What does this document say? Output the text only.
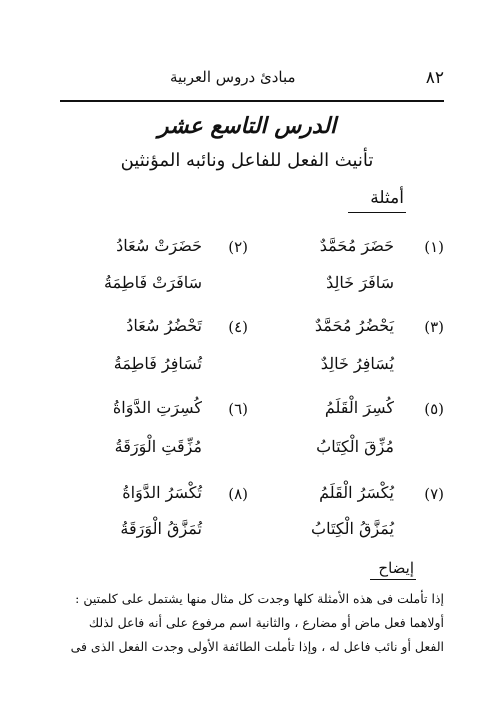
٨٢
مبادئ دروس العربية
الدرس التاسع عشر
تأنيث الفعل للفاعل ونائبه المؤنثين
أمثلة
(١)
حَضَرَ مُحَمَّدٌ
سَافَرَ خَالِدٌ
(٢)
حَضَرَتْ سُعَادُ
سَافَرَتْ فَاطِمَةُ
(٣)
يَحْضُرُ مُحَمَّدٌ
يُسَافِرُ خَالِدٌ
(٤)
تَحْضُرُ سُعَادُ
تُسَافِرُ فَاطِمَةُ
(٥)
كُسِرَ الْقَلَمُ
مُزِّقَ الْكِتَابُ
(٦)
كُسِرَتِ الدَّوَاةُ
مُزِّقَتِ الْوَرَقَةُ
(٧)
يُكْسَرُ الْقَلَمُ
يُمَزَّقُ الْكِتَابُ
(٨)
تُكْسَرُ الدَّوَاةُ
تُمَزَّقُ الْوَرَقَةُ
إيضاح
إذا تأملت فى هذه الأمثلة كلها وجدت كل مثال منها يشتمل على كلمتين :
أولاهما فعل ماض أو مضارع ، والثانية اسم مرفوع على أنه فاعل لذلك
الفعل أو نائب فاعل له ، وإذا تأملت الطائفة الأولى وجدت الفعل الذى فى
